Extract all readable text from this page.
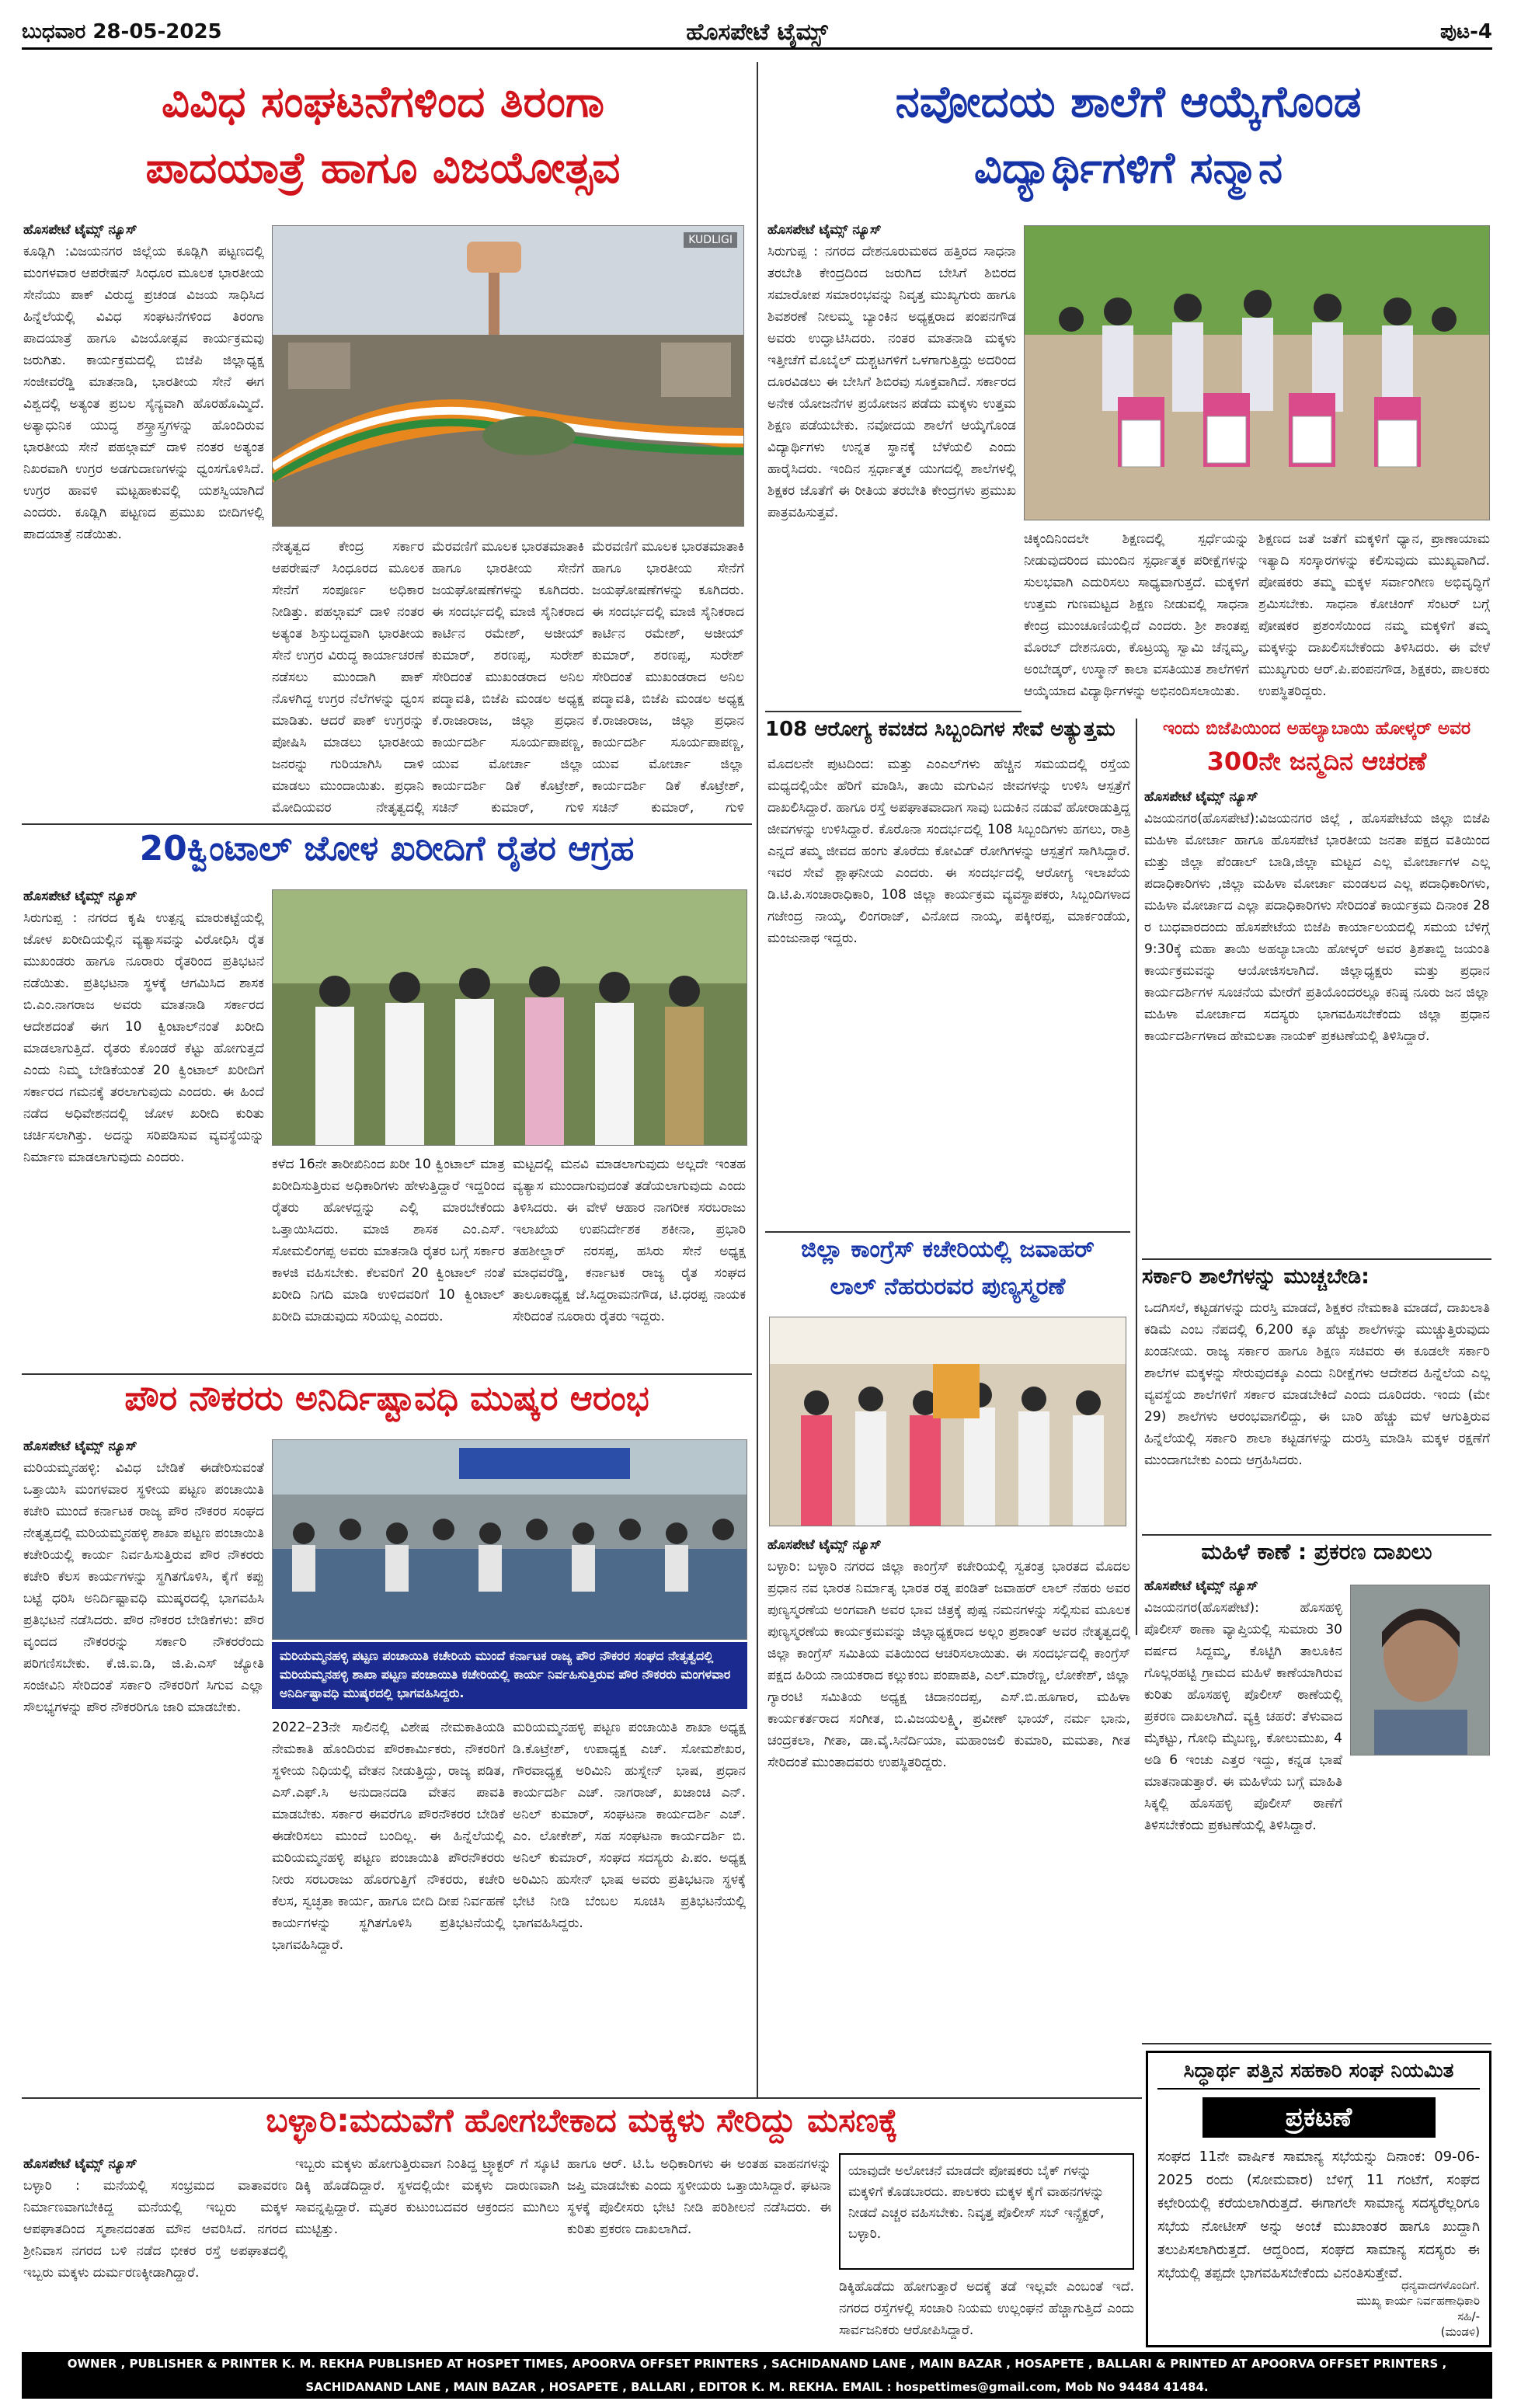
ಬುಧವಾರ 28-05-2025	ಹೊಸಪೇಟೆ ಟೈಮ್ಸ್	ಪುಟ-4
ವಿವಿಧ ಸಂಘಟನೆಗಳಿಂದ ತಿರಂಗಾ
ಪಾದಯಾತ್ರೆ ಹಾಗೂ ವಿಜಯೋತ್ಸವ
ಹೊಸಪೇಟೆ ಟೈಮ್ಸ್ ನ್ಯೂಸ್
ಕೂಡ್ಲಿಗಿ :ವಿಜಯನಗರ ಜಿಲ್ಲೆಯ ಕೂಡ್ಲಿಗಿ ಪಟ್ಟಣದಲ್ಲಿ ಮಂಗಳವಾರ ಆಪರೇಷನ್ ಸಿಂಧೂರ ಮೂಲಕ ಭಾರತೀಯ ಸೇನೆಯು ಪಾಕ್ ವಿರುದ್ಧ ಪ್ರಚಂಡ ವಿಜಯ ಸಾಧಿಸಿದ ಹಿನ್ನೆಲೆಯಲ್ಲಿ ವಿವಿಧ ಸಂಘಟನೆಗಳಿಂದ ತಿರಂಗಾ ಪಾದಯಾತ್ರೆ ಹಾಗೂ ವಿಜಯೋತ್ಸವ ಕಾರ್ಯಕ್ರಮವು ಜರುಗಿತು. ಕಾರ್ಯಕ್ರಮದಲ್ಲಿ ಬಿಜೆಪಿ ಜಿಲ್ಲಾಧ್ಯಕ್ಷ ಸಂಜೀವರೆಡ್ಡಿ ಮಾತನಾಡಿ, ಭಾರತೀಯ ಸೇನೆ ಈಗ ವಿಶ್ವದಲ್ಲಿ ಅತ್ಯಂತ ಪ್ರಬಲ ಸೈನ್ಯವಾಗಿ ಹೊರಹೊಮ್ಮಿದೆ. ಅತ್ಯಾಧುನಿಕ ಯುದ್ಧ ಶಸ್ತ್ರಾಸ್ತ್ರಗಳನ್ನು ಹೊಂದಿರುವ ಭಾರತೀಯ ಸೇನೆ ಪಹಲ್ಗಾಮ್ ದಾಳಿ ನಂತರ ಅತ್ಯಂತ ನಿಖರವಾಗಿ ಉಗ್ರರ ಅಡಗುದಾಣಗಳನ್ನು ಧ್ವಂಸಗೊಳಿಸಿದೆ. ಉಗ್ರರ ಹಾವಳಿ ಮಟ್ಟಹಾಕುವಲ್ಲಿ ಯಶಸ್ವಿಯಾಗಿದೆ ಎಂದರು. ಕೂಡ್ಲಿಗಿ ಪಟ್ಟಣದ ಪ್ರಮುಖ ಬೀದಿಗಳಲ್ಲಿ ಪಾದಯಾತ್ರೆ ನಡೆಯಿತು.
KUDLIGI
ನೇತೃತ್ವದ ಕೇಂದ್ರ ಸರ್ಕಾರ ಆಪರೇಷನ್ ಸಿಂಧೂರದ ಮೂಲಕ ಸೇನೆಗೆ ಸಂಪೂರ್ಣ ಅಧಿಕಾರ ನೀಡಿತ್ತು. ಪಹಲ್ಗಾಮ್ ದಾಳಿ ನಂತರ ಅತ್ಯಂತ ಶಿಸ್ತುಬದ್ಧವಾಗಿ ಭಾರತೀಯ ಸೇನೆ ಉಗ್ರರ ವಿರುದ್ಧ ಕಾರ್ಯಾಚರಣೆ ನಡೆಸಲು ಮುಂದಾಗಿ ಪಾಕ್ ನೊಳಗಿದ್ದ ಉಗ್ರರ ನೆಲೆಗಳನ್ನು ಧ್ವಂಸ ಮಾಡಿತು. ಆದರೆ ಪಾಕ್ ಉಗ್ರರನ್ನು ಪೋಷಿಸಿ ಮಾಡಲು ಭಾರತೀಯ ಜನರನ್ನು ಗುರಿಯಾಗಿಸಿ ದಾಳಿ ಮಾಡಲು ಮುಂದಾಯಿತು. ಪ್ರಧಾನಿ ಮೋದಿಯವರ ನೇತೃತ್ವದಲ್ಲಿ
ಮೆರವಣಿಗೆ ಮೂಲಕ ಭಾರತಮಾತಾಕಿ ಹಾಗೂ ಭಾರತೀಯ ಸೇನೆಗೆ ಜಯಘೋಷಣೆಗಳನ್ನು ಕೂಗಿದರು. ಈ ಸಂದರ್ಭದಲ್ಲಿ ಮಾಜಿ ಸೈನಿಕರಾದ ಕಾರ್ಟಿನ ರಮೇಶ್, ಅಜೀಯ್ ಕುಮಾರ್, ಶರಣಪ್ಪ, ಸುರೇಶ್ ಸೇರಿದಂತೆ ಮುಖಂಡರಾದ ಅನಿಲ ಪದ್ಮಾವತಿ, ಬಿಜೆಪಿ ಮಂಡಲ ಅಧ್ಯಕ್ಷ ಕೆ.ರಾಜಾರಾಜ, ಜಿಲ್ಲಾ ಪ್ರಧಾನ ಕಾರ್ಯದರ್ಶಿ ಸೂರ್ಯಪಾಪಣ್ಣ, ಯುವ ಮೋರ್ಚಾ ಜಿಲ್ಲಾ ಕಾರ್ಯದರ್ಶಿ ಡಿಕೆ ಕೊಟ್ರೇಶ್, ಸಚಿನ್ ಕುಮಾರ್, ಗುಳಿ
ಮೆರವಣಿಗೆ ಮೂಲಕ ಭಾರತಮಾತಾಕಿ ಹಾಗೂ ಭಾರತೀಯ ಸೇನೆಗೆ ಜಯಘೋಷಣೆಗಳನ್ನು ಕೂಗಿದರು. ಈ ಸಂದರ್ಭದಲ್ಲಿ ಮಾಜಿ ಸೈನಿಕರಾದ ಕಾರ್ಟಿನ ರಮೇಶ್, ಅಜೀಯ್ ಕುಮಾರ್, ಶರಣಪ್ಪ, ಸುರೇಶ್ ಸೇರಿದಂತೆ ಮುಖಂಡರಾದ ಅನಿಲ ಪದ್ಮಾವತಿ, ಬಿಜೆಪಿ ಮಂಡಲ ಅಧ್ಯಕ್ಷ ಕೆ.ರಾಜಾರಾಜ, ಜಿಲ್ಲಾ ಪ್ರಧಾನ ಕಾರ್ಯದರ್ಶಿ ಸೂರ್ಯಪಾಪಣ್ಣ, ಯುವ ಮೋರ್ಚಾ ಜಿಲ್ಲಾ ಕಾರ್ಯದರ್ಶಿ ಡಿಕೆ ಕೊಟ್ರೇಶ್, ಸಚಿನ್ ಕುಮಾರ್, ಗುಳಿ
ನವೋದಯ ಶಾಲೆಗೆ ಆಯ್ಕೆಗೊಂಡ
ವಿದ್ಯಾರ್ಥಿಗಳಿಗೆ ಸನ್ಮಾನ
ಹೊಸಪೇಟೆ ಟೈಮ್ಸ್ ನ್ಯೂಸ್
ಸಿರುಗುಪ್ಪ : ನಗರದ ದೇಶನೂರುಮಠದ ಹತ್ತಿರದ ಸಾಧನಾ ತರಬೇತಿ ಕೇಂದ್ರದಿಂದ ಜರುಗಿದ ಬೇಸಿಗೆ ಶಿಬಿರದ ಸಮಾರೋಪ ಸಮಾರಂಭವನ್ನು ನಿವೃತ್ತ ಮುಖ್ಯಗುರು ಹಾಗೂ ಶಿವಶರಣೆ ನೀಲಮ್ಮ ಬ್ಯಾಂಕಿನ ಅಧ್ಯಕ್ಷರಾದ ಪಂಪನಗೌಡ ಅವರು ಉದ್ಘಾಟಿಸಿದರು. ನಂತರ ಮಾತನಾಡಿ ಮಕ್ಕಳು ಇತ್ತೀಚೆಗೆ ಮೊಬೈಲ್ ದುಶ್ಚಟಗಳಿಗೆ ಒಳಗಾಗುತ್ತಿದ್ದು ಅದರಿಂದ ದೂರವಿಡಲು ಈ ಬೇಸಿಗೆ ಶಿಬಿರವು ಸೂಕ್ತವಾಗಿದೆ. ಸರ್ಕಾರದ ಅನೇಕ ಯೋಜನೆಗಳ ಪ್ರಯೋಜನ ಪಡೆದು ಮಕ್ಕಳು ಉತ್ತಮ ಶಿಕ್ಷಣ ಪಡೆಯಬೇಕು. ನವೋದಯ ಶಾಲೆಗೆ ಆಯ್ಕೆಗೊಂಡ ವಿದ್ಯಾರ್ಥಿಗಳು ಉನ್ನತ ಸ್ಥಾನಕ್ಕೆ ಬೆಳೆಯಲಿ ಎಂದು ಹಾರೈಸಿದರು. ಇಂದಿನ ಸ್ಪರ್ಧಾತ್ಮಕ ಯುಗದಲ್ಲಿ ಶಾಲೆಗಳಲ್ಲಿ ಶಿಕ್ಷಕರ ಜೊತೆಗೆ ಈ ರೀತಿಯ ತರಬೇತಿ ಕೇಂದ್ರಗಳು ಪ್ರಮುಖ ಪಾತ್ರವಹಿಸುತ್ತವೆ.
ಚಿಕ್ಕಂದಿನಿಂದಲೇ ಶಿಕ್ಷಣದಲ್ಲಿ ಸ್ಪರ್ಧೆಯನ್ನು ನೀಡುವುದರಿಂದ ಮುಂದಿನ ಸ್ಪರ್ಧಾತ್ಮಕ ಪರೀಕ್ಷೆಗಳನ್ನು ಸುಲಭವಾಗಿ ಎದುರಿಸಲು ಸಾಧ್ಯವಾಗುತ್ತದೆ. ಮಕ್ಕಳಿಗೆ ಉತ್ತಮ ಗುಣಮಟ್ಟದ ಶಿಕ್ಷಣ ನೀಡುವಲ್ಲಿ ಸಾಧನಾ ಕೇಂದ್ರ ಮುಂಚೂಣಿಯಲ್ಲಿದೆ ಎಂದರು. ಶ್ರೀ ಶಾಂತಪ್ಪ ಮೊರಬ್ ದೇಶನೂರು, ಕೊಟ್ರಯ್ಯ ಸ್ವಾಮಿ ಚೆನ್ನಮ್ಮ, ಅಂಬೇಡ್ಕರ್, ಉಸ್ಮಾನ್ ಕಾಲಾ ವಸತಿಯುತ ಶಾಲೆಗಳಿಗೆ ಆಯ್ಕೆಯಾದ ವಿದ್ಯಾರ್ಥಿಗಳನ್ನು ಅಭಿನಂದಿಸಲಾಯಿತು.
ಶಿಕ್ಷಣದ ಜತೆ ಜತೆಗೆ ಮಕ್ಕಳಿಗೆ ಧ್ಯಾನ, ಪ್ರಾಣಾಯಾಮ ಇತ್ಯಾದಿ ಸಂಸ್ಕಾರಗಳನ್ನು ಕಲಿಸುವುದು ಮುಖ್ಯವಾಗಿದೆ. ಪೋಷಕರು ತಮ್ಮ ಮಕ್ಕಳ ಸರ್ವಾಂಗೀಣ ಅಭಿವೃದ್ಧಿಗೆ ಶ್ರಮಿಸಬೇಕು. ಸಾಧನಾ ಕೋಚಿಂಗ್ ಸೆಂಟರ್ ಬಗ್ಗೆ ಪೋಷಕರ ಪ್ರಶಂಸೆಯಿಂದ ನಮ್ಮ ಮಕ್ಕಳಿಗೆ ತಮ್ಮ ಮಕ್ಕಳನ್ನು ದಾಖಲಿಸಬೇಕೆಂದು ತಿಳಿಸಿದರು. ಈ ವೇಳೆ ಮುಖ್ಯಗುರು ಆರ್.ಪಿ.ಪಂಪನಗೌಡ, ಶಿಕ್ಷಕರು, ಪಾಲಕರು ಉಪಸ್ಥಿತರಿದ್ದರು.
108 ಆರೋಗ್ಯ ಕವಚದ ಸಿಬ್ಬಂದಿಗಳ ಸೇವೆ ಅತ್ಯುತ್ತಮ
ಮೊದಲನೇ ಪುಟದಿಂದ: ಮತ್ತು ಎಂಎಲ್‌ಗಳು ಹೆಚ್ಚಿನ ಸಮಯದಲ್ಲಿ ರಸ್ತೆಯ ಮಧ್ಯದಲ್ಲಿಯೇ ಹೆರಿಗೆ ಮಾಡಿಸಿ, ತಾಯಿ ಮಗುವಿನ ಜೀವಗಳನ್ನು ಉಳಿಸಿ ಆಸ್ಪತ್ರೆಗೆ ದಾಖಲಿಸಿದ್ದಾರೆ. ಹಾಗೂ ರಸ್ತೆ ಅಪಘಾತವಾದಾಗ ಸಾವು ಬದುಕಿನ ನಡುವೆ ಹೋರಾಡುತ್ತಿದ್ದ ಜೀವಗಳನ್ನು ಉಳಿಸಿದ್ದಾರೆ. ಕೊರೊನಾ ಸಂದರ್ಭದಲ್ಲಿ 108 ಸಿಬ್ಬಂದಿಗಳು ಹಗಲು, ರಾತ್ರಿ ಎನ್ನದೆ ತಮ್ಮ ಜೀವದ ಹಂಗು ತೊರೆದು ಕೋವಿಡ್ ರೋಗಿಗಳನ್ನು ಆಸ್ಪತ್ರೆಗೆ ಸಾಗಿಸಿದ್ದಾರೆ. ಇವರ ಸೇವೆ ಶ್ಲಾಘನೀಯ ಎಂದರು. ಈ ಸಂದರ್ಭದಲ್ಲಿ ಆರೋಗ್ಯ ಇಲಾಖೆಯ ಡಿ.ಟಿ.ಪಿ.ಸಂಚಾರಾಧಿಕಾರಿ, 108 ಜಿಲ್ಲಾ ಕಾರ್ಯಕ್ರಮ ವ್ಯವಸ್ಥಾಪಕರು, ಸಿಬ್ಬಂದಿಗಳಾದ ಗಜೇಂದ್ರ ನಾಯ್ಕ, ಲಿಂಗರಾಜ್, ವಿನೋದ ನಾಯ್ಕ, ಪಕ್ಕೀರಪ್ಪ, ಮಾರ್ಕಂಡೆಯ, ಮಂಜುನಾಥ ಇದ್ದರು.
ಇಂದು ಬಿಜೆಪಿಯಿಂದ ಅಹಲ್ಯಾಬಾಯಿ ಹೋಳ್ಕರ್ ಅವರ
300ನೇ ಜನ್ಮದಿನ ಆಚರಣೆ
ಹೊಸಪೇಟೆ ಟೈಮ್ಸ್ ನ್ಯೂಸ್
ವಿಜಯನಗರ(ಹೊಸಪೇಟೆ):ವಿಜಯನಗರ ಜಿಲ್ಲೆ , ಹೊಸಪೇಟೆಯ ಜಿಲ್ಲಾ ಬಿಜೆಪಿ ಮಹಿಳಾ ಮೋರ್ಚಾ ಹಾಗೂ ಹೊಸಪೇಟೆ ಭಾರತೀಯ ಜನತಾ ಪಕ್ಷದ ವತಿಯಿಂದ ಮತ್ತು ಜಿಲ್ಲಾ ಪೆಂಡಾಲ್ ಬಾಡಿ,ಜಿಲ್ಲಾ ಮಟ್ಟದ ಎಲ್ಲ ಮೋರ್ಚಾಗಳ ಎಲ್ಲ ಪದಾಧಿಕಾರಿಗಳು ,ಜಿಲ್ಲಾ ಮಹಿಳಾ ಮೋರ್ಚಾ ಮಂಡಲದ ಎಲ್ಲ ಪದಾಧಿಕಾರಿಗಳು, ಮಹಿಳಾ ಮೋರ್ಚಾದ ಎಲ್ಲಾ ಪದಾಧಿಕಾರಿಗಳು ಸೇರಿದಂತೆ ಕಾರ್ಯಕ್ರಮ ದಿನಾಂಕ 28 ರ ಬುಧವಾರದಂದು ಹೊಸಪೇಟೆಯ ಬಿಜೆಪಿ ಕಾರ್ಯಾಲಯದಲ್ಲಿ ಸಮಯ ಬೆಳಿಗ್ಗೆ 9:30ಕ್ಕೆ ಮಹಾ ತಾಯಿ ಅಹಲ್ಯಾಬಾಯಿ ಹೋಳ್ಕರ್ ಅವರ ತ್ರಿಶತಾಬ್ದಿ ಜಯಂತಿ ಕಾರ್ಯಕ್ರಮವನ್ನು ಆಯೋಜಿಸಲಾಗಿದೆ. ಜಿಲ್ಲಾಧ್ಯಕ್ಷರು ಮತ್ತು ಪ್ರಧಾನ ಕಾರ್ಯದರ್ಶಿಗಳ ಸೂಚನೆಯ ಮೇರೆಗೆ ಪ್ರತಿಯೊಂದರಲ್ಲೂ ಕನಿಷ್ಠ ನೂರು ಜನ ಜಿಲ್ಲಾ ಮಹಿಳಾ ಮೋರ್ಚಾದ ಸದಸ್ಯರು ಭಾಗವಹಿಸಬೇಕೆಂದು ಜಿಲ್ಲಾ ಪ್ರಧಾನ ಕಾರ್ಯದರ್ಶಿಗಳಾದ ಹೇಮಲತಾ ನಾಯಕ್ ಪ್ರಕಟಣೆಯಲ್ಲಿ ತಿಳಿಸಿದ್ದಾರೆ.
ಸರ್ಕಾರಿ ಶಾಲೆಗಳನ್ನು ಮುಚ್ಚಬೇಡಿ:
ಒದಗಿಸಲೆ, ಕಟ್ಟಡಗಳನ್ನು ದುರಸ್ತಿ ಮಾಡದೆ, ಶಿಕ್ಷಕರ ನೇಮಕಾತಿ ಮಾಡದೆ, ದಾಖಲಾತಿ ಕಡಿಮೆ ಎಂಬ ನೆಪದಲ್ಲಿ 6,200 ಕ್ಕೂ ಹೆಚ್ಚು ಶಾಲೆಗಳನ್ನು ಮುಚ್ಚುತ್ತಿರುವುದು ಖಂಡನೀಯ. ರಾಜ್ಯ ಸರ್ಕಾರ ಹಾಗೂ ಶಿಕ್ಷಣ ಸಚಿವರು ಈ ಕೂಡಲೇ ಸರ್ಕಾರಿ ಶಾಲೆಗಳ ಮಕ್ಕಳನ್ನು ಸೇರುವುದಕ್ಕೂ ಎಂದು ನಿರೀಕ್ಷೆಗಳು ಆದೇಶದ ಹಿನ್ನೆಲೆಯ ಎಲ್ಲ ವ್ಯವಸ್ಥೆಯ ಶಾಲೆಗಳಿಗೆ ಸರ್ಕಾರ ಮಾಡಬೇಕಿದೆ ಎಂದು ದೂರಿದರು. ಇಂದು (ಮೇ 29) ಶಾಲೆಗಳು ಆರಂಭವಾಗಲಿದ್ದು, ಈ ಬಾರಿ ಹೆಚ್ಚು ಮಳೆ ಆಗುತ್ತಿರುವ ಹಿನ್ನೆಲೆಯಲ್ಲಿ ಸರ್ಕಾರಿ ಶಾಲಾ ಕಟ್ಟಡಗಳನ್ನು ದುರಸ್ತಿ ಮಾಡಿಸಿ ಮಕ್ಕಳ ರಕ್ಷಣೆಗೆ ಮುಂದಾಗಬೇಕು ಎಂದು ಆಗ್ರಹಿಸಿದರು.
ಮಹಿಳೆ ಕಾಣೆ : ಪ್ರಕರಣ ದಾಖಲು
ಹೊಸಪೇಟೆ ಟೈಮ್ಸ್ ನ್ಯೂಸ್
ವಿಜಯನಗರ(ಹೊಸಪೇಟೆ): ಹೊಸಹಳ್ಳಿ ಪೊಲೀಸ್ ಠಾಣಾ ವ್ಯಾಪ್ತಿಯಲ್ಲಿ ಸುಮಾರು 30 ವರ್ಷದ ಸಿದ್ದಮ್ಮ, ಕೊಟ್ಟಿಗಿ ತಾಲೂಕಿನ ಗೊಲ್ಲರಹಟ್ಟಿ ಗ್ರಾಮದ ಮಹಿಳೆ ಕಾಣೆಯಾಗಿರುವ ಕುರಿತು ಹೊಸಹಳ್ಳಿ ಪೊಲೀಸ್ ಠಾಣೆಯಲ್ಲಿ ಪ್ರಕರಣ ದಾಖಲಾಗಿದೆ. ವ್ಯಕ್ತಿ ಚಹರೆ: ತೆಳುವಾದ ಮೈಕಟ್ಟು, ಗೋಧಿ ಮೈಬಣ್ಣ, ಕೋಲುಮುಖ, 4 ಅಡಿ 6 ಇಂಚು ಎತ್ತರ ಇದ್ದು, ಕನ್ನಡ ಭಾಷೆ ಮಾತನಾಡುತ್ತಾರೆ. ಈ ಮಹಿಳೆಯ ಬಗ್ಗೆ ಮಾಹಿತಿ ಸಿಕ್ಕಲ್ಲಿ ಹೊಸಹಳ್ಳಿ ಪೊಲೀಸ್ ಠಾಣೆಗೆ ತಿಳಿಸಬೇಕೆಂದು ಪ್ರಕಟಣೆಯಲ್ಲಿ ತಿಳಿಸಿದ್ದಾರೆ.
ಜಿಲ್ಲಾ ಕಾಂಗ್ರೆಸ್ ಕಚೇರಿಯಲ್ಲಿ ಜವಾಹರ್
ಲಾಲ್ ನೆಹರುರವರ ಪುಣ್ಯಸ್ಮರಣೆ
ಹೊಸಪೇಟೆ ಟೈಮ್ಸ್ ನ್ಯೂಸ್
ಬಳ್ಳಾರಿ: ಬಳ್ಳಾರಿ ನಗರದ ಜಿಲ್ಲಾ ಕಾಂಗ್ರೆಸ್ ಕಚೇರಿಯಲ್ಲಿ ಸ್ವತಂತ್ರ ಭಾರತದ ಮೊದಲ ಪ್ರಧಾನ ನವ ಭಾರತ ನಿರ್ಮಾತೃ ಭಾರತ ರತ್ನ ಪಂಡಿತ್ ಜವಾಹರ್ ಲಾಲ್ ನೆಹರು ಅವರ ಪುಣ್ಯಸ್ಮರಣೆಯ ಅಂಗವಾಗಿ ಅವರ ಭಾವ ಚಿತ್ರಕ್ಕೆ ಪುಷ್ಪ ನಮನಗಳನ್ನು ಸಲ್ಲಿಸುವ ಮೂಲಕ ಪುಣ್ಯಸ್ಮರಣೆಯ ಕಾರ್ಯಕ್ರಮವನ್ನು ಜಿಲ್ಲಾಧ್ಯಕ್ಷರಾದ ಅಲ್ಲಂ ಪ್ರಶಾಂತ್ ಅವರ ನೇತೃತ್ವದಲ್ಲಿ ಜಿಲ್ಲಾ ಕಾಂಗ್ರೆಸ್ ಸಮಿತಿಯ ವತಿಯಿಂದ ಆಚರಿಸಲಾಯಿತು. ಈ ಸಂದರ್ಭದಲ್ಲಿ ಕಾಂಗ್ರೆಸ್ ಪಕ್ಷದ ಹಿರಿಯ ನಾಯಕರಾದ ಕಲ್ಲುಕಂಬ ಪಂಪಾಪತಿ, ಎಲ್.ಮಾರೆಣ್ಣ, ಲೋಕೇಶ್, ಜಿಲ್ಲಾ ಗ್ಯಾರಂಟಿ ಸಮಿತಿಯ ಅಧ್ಯಕ್ಷ ಚಿದಾನಂದಪ್ಪ, ಎಸ್.ಬಿ.ಹೂಗಾರ, ಮಹಿಳಾ ಕಾರ್ಯಕರ್ತರಾದ ಸಂಗೀತ, ಬಿ.ವಿಜಯಲಕ್ಷ್ಮಿ, ಪ್ರವೀಣ್ ಭಾಯ್, ನರ್ಮ ಭಾನು, ಚಂದ್ರಕಲಾ, ಗೀತಾ, ಡಾ.ವೈ.ಸಿನೆರ್ದಿಯಾ, ಮಹಾಂಜಲಿ ಕುಮಾರಿ, ಮಮತಾ, ಗೀತ ಸೇರಿದಂತೆ ಮುಂತಾದವರು ಉಪಸ್ಥಿತರಿದ್ದರು.
20ಕ್ವಿಂಟಾಲ್ ಜೋಳ ಖರೀದಿಗೆ ರೈತರ ಆಗ್ರಹ
ಹೊಸಪೇಟೆ ಟೈಮ್ಸ್ ನ್ಯೂಸ್
ಸಿರುಗುಪ್ಪ : ನಗರದ ಕೃಷಿ ಉತ್ಪನ್ನ ಮಾರುಕಟ್ಟೆಯಲ್ಲಿ ಜೋಳ ಖರೀದಿಯಲ್ಲಿನ ವ್ಯತ್ಯಾಸವನ್ನು ವಿರೋಧಿಸಿ ರೈತ ಮುಖಂಡರು ಹಾಗೂ ನೂರಾರು ರೈತರಿಂದ ಪ್ರತಿಭಟನೆ ನಡೆಯಿತು. ಪ್ರತಿಭಟನಾ ಸ್ಥಳಕ್ಕೆ ಆಗಮಿಸಿದ ಶಾಸಕ ಬಿ.ಎಂ.ನಾಗರಾಜ ಅವರು ಮಾತನಾಡಿ ಸರ್ಕಾರದ ಆದೇಶದಂತೆ ಈಗ 10 ಕ್ವಿಂಟಾಲ್‌ನಂತೆ ಖರೀದಿ ಮಾಡಲಾಗುತ್ತಿದೆ. ರೈತರು ಕೊಂಡರೆ ಕೆಟ್ಟು ಹೋಗುತ್ತದೆ ಎಂದು ನಿಮ್ಮ ಬೇಡಿಕೆಯಂತೆ 20 ಕ್ವಿಂಟಾಲ್ ಖರೀದಿಗೆ ಸರ್ಕಾರದ ಗಮನಕ್ಕೆ ತರಲಾಗುವುದು ಎಂದರು. ಈ ಹಿಂದೆ ನಡೆದ ಅಧಿವೇಶನದಲ್ಲಿ ಜೋಳ ಖರೀದಿ ಕುರಿತು ಚರ್ಚಿಸಲಾಗಿತ್ತು. ಅದನ್ನು ಸರಿಪಡಿಸುವ ವ್ಯವಸ್ಥೆಯನ್ನು ನಿರ್ಮಾಣ ಮಾಡಲಾಗುವುದು ಎಂದರು.	ಕಳೆದ 16ನೇ ತಾರೀಖಿನಿಂದ ಖರೀ 10 ಕ್ವಿಂಟಾಲ್ ಮಾತ್ರ ಖರೀದಿಸುತ್ತಿರುವ ಅಧಿಕಾರಿಗಳು ಹೇಳುತ್ತಿದ್ದಾರೆ ಇದ್ದರಿಂದ ರೈತರು ಹೋಳದ್ದನ್ನು ಎಲ್ಲಿ ಮಾರಬೇಕೆಂದು ಒತ್ತಾಯಿಸಿದರು. ಮಾಜಿ ಶಾಸಕ ಎಂ.ಎಸ್. ಸೋಮಲಿಂಗಪ್ಪ ಅವರು ಮಾತನಾಡಿ ರೈತರ ಬಗ್ಗೆ ಸರ್ಕಾರ ಕಾಳಜಿ ವಹಿಸಬೇಕು. ಕೆಲವರಿಗೆ 20 ಕ್ವಿಂಟಾಲ್ ನಂತೆ ಖರೀದಿ ನಿಗದಿ ಮಾಡಿ ಉಳಿದವರಿಗೆ 10 ಕ್ವಿಂಟಾಲ್ ಖರೀದಿ ಮಾಡುವುದು ಸರಿಯಲ್ಲ ಎಂದರು.
ಮಟ್ಟದಲ್ಲಿ ಮನವಿ ಮಾಡಲಾಗುವುದು ಅಲ್ಲದೇ ಇಂತಹ ವ್ಯತ್ಯಾಸ ಮುಂದಾಗುವುದಂತೆ ತಡೆಯಲಾಗುವುದು ಎಂದು ತಿಳಿಸಿದರು. ಈ ವೇಳೆ ಆಹಾರ ನಾಗರೀಕ ಸರಬರಾಜು ಇಲಾಖೆಯ ಉಪನಿರ್ದೇಶಕ ಶಕೀನಾ, ಪ್ರಭಾರಿ ತಹಶೀಲ್ದಾರ್ ನರಸಪ್ಪ, ಹಸಿರು ಸೇನೆ ಅಧ್ಯಕ್ಷ ಮಾಧವರೆಡ್ಡಿ, ಕರ್ನಾಟಕ ರಾಜ್ಯ ರೈತ ಸಂಘದ ತಾಲೂಕಾಧ್ಯಕ್ಷ ಜೆ.ಸಿದ್ದರಾಮನಗೌಡ, ಟಿ.ಧರಪ್ಪ ನಾಯಕ ಸೇರಿದಂತೆ ನೂರಾರು ರೈತರು ಇದ್ದರು.
ಪೌರ ನೌಕರರು ಅನಿರ್ದಿಷ್ಟಾವಧಿ ಮುಷ್ಕರ ಆರಂಭ
ಹೊಸಪೇಟೆ ಟೈಮ್ಸ್ ನ್ಯೂಸ್
ಮರಿಯಮ್ಮನಹಳ್ಳಿ: ವಿವಿಧ ಬೇಡಿಕೆ ಈಡೇರಿಸುವಂತೆ ಒತ್ತಾಯಿಸಿ ಮಂಗಳವಾರ ಸ್ಥಳೀಯ ಪಟ್ಟಣ ಪಂಚಾಯಿತಿ ಕಚೇರಿ ಮುಂದೆ ಕರ್ನಾಟಕ ರಾಜ್ಯ ಪೌರ ನೌಕರರ ಸಂಘದ ನೇತೃತ್ವದಲ್ಲಿ ಮರಿಯಮ್ಮನಹಳ್ಳಿ ಶಾಖಾ ಪಟ್ಟಣ ಪಂಚಾಯಿತಿ ಕಚೇರಿಯಲ್ಲಿ ಕಾರ್ಯ ನಿರ್ವಹಿಸುತ್ತಿರುವ ಪೌರ ನೌಕರರು ಕಚೇರಿ ಕೆಲಸ ಕಾರ್ಯಗಳನ್ನು ಸ್ಥಗಿತಗೊಳಿಸಿ, ಕೈಗೆ ಕಪ್ಪು ಬಟ್ಟೆ ಧರಿಸಿ ಅನಿರ್ದಿಷ್ಟಾವಧಿ ಮುಷ್ಕರದಲ್ಲಿ ಭಾಗವಹಿಸಿ ಪ್ರತಿಭಟನೆ ನಡೆಸಿದರು. ಪೌರ ನೌಕರರ ಬೇಡಿಕೆಗಳು: ಪೌರ ವೃಂದದ ನೌಕರರನ್ನು ಸರ್ಕಾರಿ ನೌಕರರೆಂದು ಪರಿಗಣಿಸಬೇಕು. ಕೆ.ಜಿ.ಐ.ಡಿ, ಜಿ.ಪಿ.ಎಸ್ ಜ್ಯೋತಿ ಸಂಜೀವಿನಿ ಸೇರಿದಂತೆ ಸರ್ಕಾರಿ ನೌಕರರಿಗೆ ಸಿಗುವ ಎಲ್ಲಾ ಸೌಲಭ್ಯಗಳನ್ನು ಪೌರ ನೌಕರರಿಗೂ ಜಾರಿ ಮಾಡಬೇಕು.
ಮರಿಯಮ್ಮನಹಳ್ಳಿ ಪಟ್ಟಣ ಪಂಚಾಯಿತಿ ಕಚೇರಿಯ ಮುಂದೆ ಕರ್ನಾಟಕ ರಾಜ್ಯ ಪೌರ ನೌಕರರ ಸಂಘದ ನೇತೃತ್ವದಲ್ಲಿ ಮರಿಯಮ್ಮನಹಳ್ಳಿ ಶಾಖಾ ಪಟ್ಟಣ ಪಂಚಾಯಿತಿ ಕಚೇರಿಯಲ್ಲಿ ಕಾರ್ಯ ನಿರ್ವಹಿಸುತ್ತಿರುವ ಪೌರ ನೌಕರರು ಮಂಗಳವಾರ ಅನಿರ್ದಿಷ್ಟಾವಧಿ ಮುಷ್ಕರದಲ್ಲಿ ಭಾಗವಹಿಸಿದ್ದರು.
2022–23ನೇ ಸಾಲಿನಲ್ಲಿ ವಿಶೇಷ ನೇಮಕಾತಿಯಡಿ ನೇಮಕಾತಿ ಹೊಂದಿರುವ ಪೌರಕಾರ್ಮಿಕರು, ನೌಕರರಿಗೆ ಸ್ಥಳೀಯ ನಿಧಿಯಲ್ಲಿ ವೇತನ ನೀಡುತ್ತಿದ್ದು, ರಾಜ್ಯ ಪಡಿತ, ಎಸ್.ಎಫ್.ಸಿ ಅನುದಾನದಡಿ ವೇತನ ಪಾವತಿ ಮಾಡಬೇಕು. ಸರ್ಕಾರ ಈವರೆಗೂ ಪೌರನೌಕರರ ಬೇಡಿಕೆ ಈಡೇರಿಸಲು ಮುಂದೆ ಬಂದಿಲ್ಲ. ಈ ಹಿನ್ನೆಲೆಯಲ್ಲಿ ಮರಿಯಮ್ಮನಹಳ್ಳಿ ಪಟ್ಟಣ ಪಂಚಾಯಿತಿ ಪೌರನೌಕರರು ನೀರು ಸರಬರಾಜು ಹೊರಗುತ್ತಿಗೆ ನೌಕರರು, ಕಚೇರಿ ಕೆಲಸ, ಸ್ವಚ್ಛತಾ ಕಾರ್ಯ, ಹಾಗೂ ಬೀದಿ ದೀಪ ನಿರ್ವಹಣೆ ಕಾರ್ಯಗಳನ್ನು ಸ್ಥಗಿತಗೊಳಿಸಿ ಪ್ರತಿಭಟನೆಯಲ್ಲಿ ಭಾಗವಹಿಸಿದ್ದಾರೆ.
ಮರಿಯಮ್ಮನಹಳ್ಳಿ ಪಟ್ಟಣ ಪಂಚಾಯಿತಿ ಶಾಖಾ ಅಧ್ಯಕ್ಷ ಡಿ.ಕೊಟ್ರೇಶ್, ಉಪಾಧ್ಯಕ್ಷ ಎಚ್. ಸೋಮಶೇಖರ, ಗೌರವಾಧ್ಯಕ್ಷ ಅರಿಮಿನಿ ಹುಸ್ನೇನ್ ಭಾಷ, ಪ್ರಧಾನ ಕಾರ್ಯದರ್ಶಿ ಎಚ್. ನಾಗರಾಜ್, ಖಜಾಂಚಿ ಎನ್. ಅನಿಲ್ ಕುಮಾರ್, ಸಂಘಟನಾ ಕಾರ್ಯದರ್ಶಿ ಎಚ್. ಎಂ. ಲೋಕೇಶ್, ಸಹ ಸಂಘಟನಾ ಕಾರ್ಯದರ್ಶಿ ಬಿ. ಅನಿಲ್ ಕುಮಾರ್, ಸಂಘದ ಸದಸ್ಯರು ಪಿ.ಪಂ. ಅಧ್ಯಕ್ಷ ಅರಿಮಿನಿ ಹುಸೇನ್ ಭಾಷ ಅವರು ಪ್ರತಿಭಟನಾ ಸ್ಥಳಕ್ಕೆ ಭೇಟಿ ನೀಡಿ ಬೆಂಬಲ ಸೂಚಿಸಿ ಪ್ರತಿಭಟನೆಯಲ್ಲಿ ಭಾಗವಹಿಸಿದ್ದರು.
ಬಳ್ಳಾರಿ:ಮದುವೆಗೆ ಹೋಗಬೇಕಾದ ಮಕ್ಕಳು ಸೇರಿದ್ದು ಮಸಣಕ್ಕೆ
ಹೊಸಪೇಟೆ ಟೈಮ್ಸ್ ನ್ಯೂಸ್
ಬಳ್ಳಾರಿ : ಮನೆಯಲ್ಲಿ ಸಂಭ್ರಮದ ವಾತಾವರಣ ನಿರ್ಮಾಣವಾಗಬೇಕಿದ್ದ ಮನೆಯಲ್ಲಿ ಇಬ್ಬರು ಮಕ್ಕಳ ಆಪಘಾತದಿಂದ ಸ್ಮಶಾನದಂತಹ ಮೌನ ಆವರಿಸಿದೆ. ನಗರದ ಶ್ರೀನಿವಾಸ ನಗರದ ಬಳಿ ನಡೆದ ಭೀಕರ ರಸ್ತೆ ಅಪಘಾತದಲ್ಲಿ ಇಬ್ಬರು ಮಕ್ಕಳು ದುರ್ಮರಣಕ್ಕೀಡಾಗಿದ್ದಾರೆ.
ಇಬ್ಬರು ಮಕ್ಕಳು ಹೋಗುತ್ತಿರುವಾಗ ನಿಂತಿದ್ದ ಟ್ರ್ಯಾಕ್ಟರ್ ಗೆ ಸ್ಕೂಟಿ ಡಿಕ್ಕಿ ಹೊಡೆದಿದ್ದಾರೆ. ಸ್ಥಳದಲ್ಲಿಯೇ ಮಕ್ಕಳು ದಾರುಣವಾಗಿ ಸಾವನ್ನಪ್ಪಿದ್ದಾರೆ. ಮೃತರ ಕುಟುಂಬದವರ ಆಕ್ರಂದನ ಮುಗಿಲು ಮುಟ್ಟಿತ್ತು.
ಹಾಗೂ ಆರ್. ಟಿ.ಓ ಅಧಿಕಾರಿಗಳು ಈ ಅಂತಹ ವಾಹನಗಳನ್ನು ಜಪ್ತಿ ಮಾಡಬೇಕು ಎಂದು ಸ್ಥಳೀಯರು ಒತ್ತಾಯಿಸಿದ್ದಾರೆ. ಘಟನಾ ಸ್ಥಳಕ್ಕೆ ಪೊಲೀಸರು ಭೇಟಿ ನೀಡಿ ಪರಿಶೀಲನೆ ನಡೆಸಿದರು. ಈ ಕುರಿತು ಪ್ರಕರಣ ದಾಖಲಾಗಿದೆ.
ಯಾವುದೇ ಅಲೋಚನೆ ಮಾಡದೇ ಪೋಷಕರು ಬೈಕ್ ಗಳನ್ನು ಮಕ್ಕಳಿಗೆ ಕೊಡಬಾರದು. ಪಾಲಕರು ಮಕ್ಕಳ ಕೈಗೆ ವಾಹನಗಳನ್ನು ನೀಡದೆ ಎಚ್ಚರ ವಹಿಸಬೇಕು. ನಿವೃತ್ತ ಪೊಲೀಸ್ ಸಬ್ ಇನ್ಸ್ಪೆಕ್ಟರ್, ಬಳ್ಳಾರಿ.
ಡಿಕ್ಕಿಹೊಡೆದು ಹೋಗುತ್ತಾರೆ ಅದಕ್ಕೆ ತಡೆ ಇಲ್ಲವೇ ಎಂಬಂತೆ ಇದೆ. ನಗರದ ರಸ್ತೆಗಳಲ್ಲಿ ಸಂಚಾರಿ ನಿಯಮ ಉಲ್ಲಂಘನೆ ಹೆಚ್ಚಾಗುತ್ತಿದೆ ಎಂದು ಸಾರ್ವಜನಿಕರು ಆರೋಪಿಸಿದ್ದಾರೆ.
ಸಿದ್ಧಾರ್ಥ ಪತ್ತಿನ ಸಹಕಾರಿ ಸಂಘ ನಿಯಮಿತ
ಪ್ರಕಟಣೆ
ಸಂಘದ 11ನೇ ವಾರ್ಷಿಕ ಸಾಮಾನ್ಯ ಸಭೆಯನ್ನು ದಿನಾಂಕ: 09-06-2025 ರಂದು (ಸೋಮವಾರ) ಬೆಳಿಗ್ಗೆ 11 ಗಂಟೆಗೆ, ಸಂಘದ ಕಛೇರಿಯಲ್ಲಿ ಕರೆಯಲಾಗಿರುತ್ತದೆ. ಈಗಾಗಲೇ ಸಾಮಾನ್ಯ ಸದಸ್ಯರೆಲ್ಲರಿಗೂ ಸಭೆಯ ನೋಟೀಸ್ ಅನ್ನು ಅಂಚೆ ಮುಖಾಂತರ ಹಾಗೂ ಖುದ್ದಾಗಿ ತಲುಪಿಸಲಾಗಿರುತ್ತದೆ. ಆದ್ದರಿಂದ, ಸಂಘದ ಸಾಮಾನ್ಯ ಸದಸ್ಯರು ಈ ಸಭೆಯಲ್ಲಿ ತಪ್ಪದೇ ಭಾಗವಹಿಸಬೇಕೆಂದು ವಿನಂತಿಸುತ್ತೇವೆ.
OWNER , PUBLISHER & PRINTER K. M. REKHA PUBLISHED AT HOSPET TIMES, APOORVA OFFSET PRINTERS , SACHIDANAND LANE , MAIN BAZAR , HOSAPETE , BALLARI & PRINTED AT APOORVA OFFSET PRINTERS ,
SACHIDANAND LANE , MAIN BAZAR , HOSAPETE , BALLARI , EDITOR K. M. REKHA. EMAIL : hospettimes@gmail.com, Mob No 94484 41484.
ಧನ್ಯವಾದಗಳೊಂದಿಗೆ.
ಮುಖ್ಯ ಕಾರ್ಯ ನಿರ್ವಹಣಾಧಿಕಾರಿ
ಸಹಿ/-
(ಮಂಡಳಿ)
